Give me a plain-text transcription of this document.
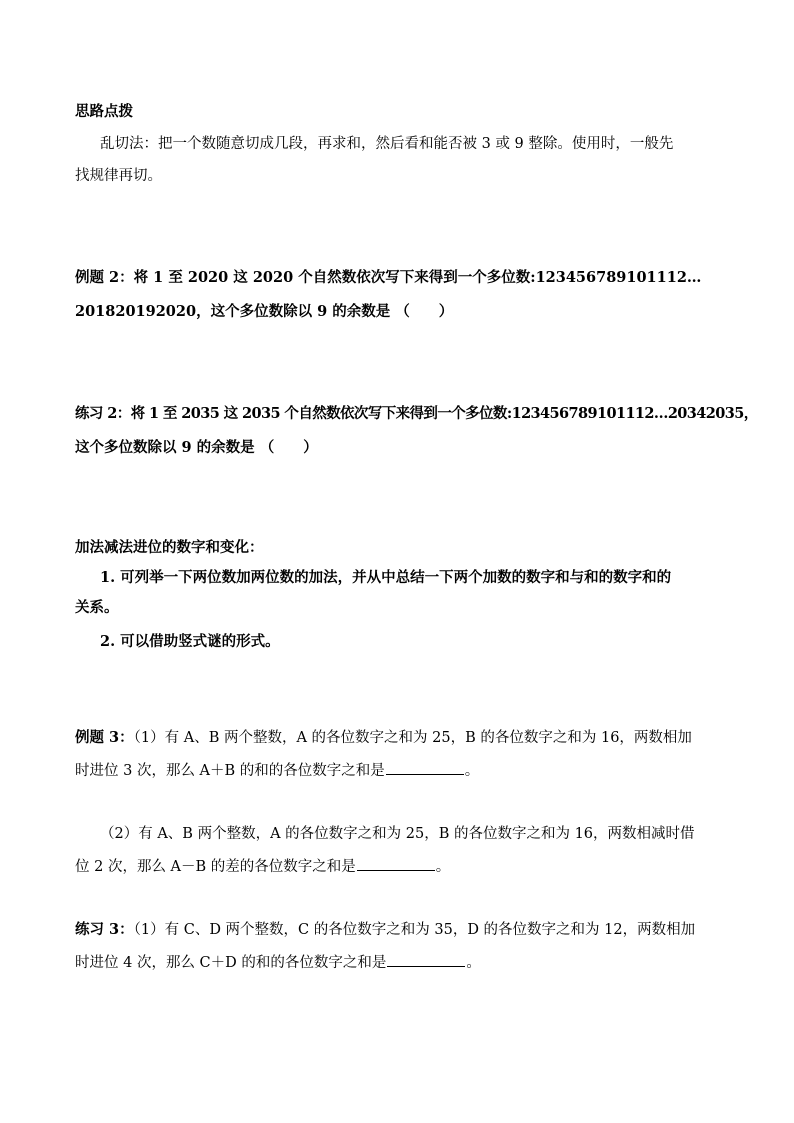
思路点拨
乱切法：把一个数随意切成几段，再求和，然后看和能否被 3 或 9 整除。使用时，一般先
找规律再切。
例题 2：将 1 至 2020 这 2020 个自然数依次写下来得到一个多位数:123456789101112…
201820192020，这个多位数除以 9 的余数是 （　　）
练习 2：将 1 至 2035 这 2035 个自然数依次写下来得到一个多位数:123456789101112…20342035，
这个多位数除以 9 的余数是 （　　）
加法减法进位的数字和变化：
1. 可列举一下两位数加两位数的加法，并从中总结一下两个加数的数字和与和的数字和的
关系。
2. 可以借助竖式谜的形式。
例题 3：（1）有 A、B 两个整数，A 的各位数字之和为 25，B 的各位数字之和为 16，两数相加
时进位 3 次，那么 A＋B 的和的各位数字之和是	。
（2）有 A、B 两个整数，A 的各位数字之和为 25，B 的各位数字之和为 16，两数相减时借
位 2 次，那么 A－B 的差的各位数字之和是	。
练习 3：（1）有 C、D 两个整数，C 的各位数字之和为 35，D 的各位数字之和为 12，两数相加
时进位 4 次，那么 C＋D 的和的各位数字之和是	。
